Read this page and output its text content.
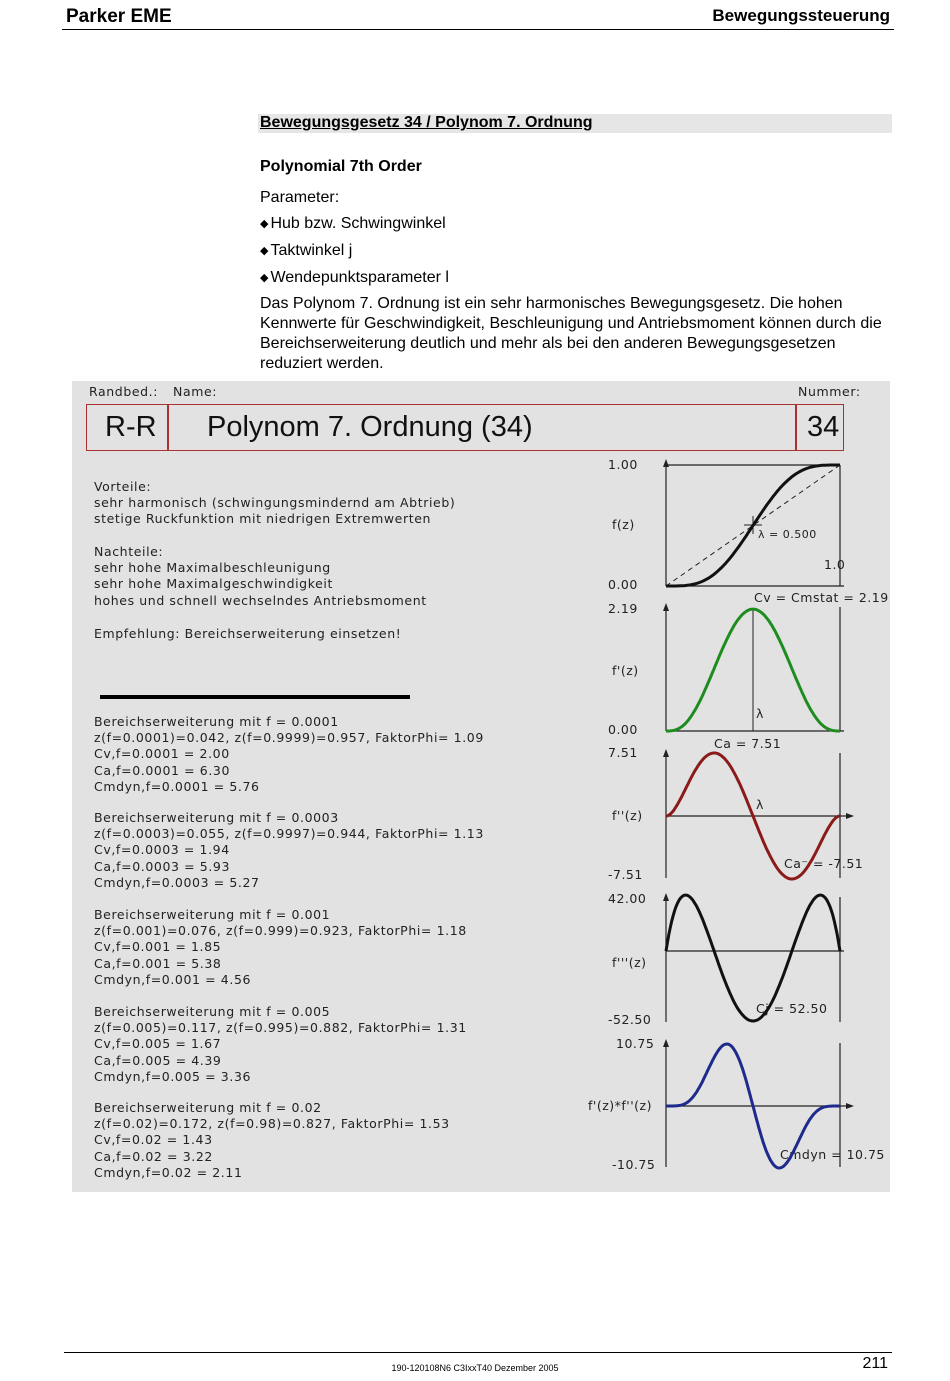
Parker EME	Bewegungssteuerung
Bewegungsgesetz 34 / Polynom 7. Ordnung
Polynomial 7th Order
Parameter:
◆ Hub bzw. Schwingwinkel
◆ Taktwinkel j
◆ Wendepunktsparameter l
Das Polynom 7. Ordnung ist ein sehr harmonisches Bewegungsgesetz. Die hohen Kennwerte für Geschwindigkeit, Beschleunigung und Antriebsmoment können durch die Bereichserweiterung deutlich und mehr als bei den anderen Bewegungsgesetzen reduziert werden.
Randbed.: Name:	Nummer:
R-R Polynom 7. Ordnung (34)	34
Vorteile:
sehr harmonisch (schwingungsmindernd am Abtrieb)
stetige Ruckfunktion mit niedrigen Extremwerten
Nachteile:
sehr hohe Maximalbeschleunigung
sehr hohe Maximalgeschwindigkeit
hohes und schnell wechselndes Antriebsmoment
Empfehlung: Bereichserweiterung einsetzen!
Bereichserweiterung mit f = 0.0001
z(f=0.0001)=0.042, z(f=0.9999)=0.957, FaktorPhi= 1.09
Cv,f=0.0001 = 2.00
Ca,f=0.0001 = 6.30
Cmdyn,f=0.0001 = 5.76
Bereichserweiterung mit f = 0.0003
z(f=0.0003)=0.055, z(f=0.9997)=0.944, FaktorPhi= 1.13
Cv,f=0.0003 = 1.94
Ca,f=0.0003 = 5.93
Cmdyn,f=0.0003 = 5.27
Bereichserweiterung mit f = 0.001
z(f=0.001)=0.076, z(f=0.999)=0.923, FaktorPhi= 1.18
Cv,f=0.001 = 1.85
Ca,f=0.001 = 5.38
Cmdyn,f=0.001 = 4.56
Bereichserweiterung mit f = 0.005
z(f=0.005)=0.117, z(f=0.995)=0.882, FaktorPhi= 1.31
Cv,f=0.005 = 1.67
Ca,f=0.005 = 4.39
Cmdyn,f=0.005 = 3.36
Bereichserweiterung mit f = 0.02
z(f=0.02)=0.172, z(f=0.98)=0.827, FaktorPhi= 1.53
Cv,f=0.02 = 1.43
Ca,f=0.02 = 3.22
Cmdyn,f=0.02 = 2.11
1.00
0.00
f(z)
1.0
λ = 0.500
2.19
0.00
f'(z)
Cv = Cmstat = 2.19
λ
7.51
-7.51
f''(z)
Ca = 7.51
Ca⁻ = -7.51
λ
42.00
-52.50
f'''(z)
Cj = 52.50
10.75
-10.75
f'(z)*f''(z)
Cmdyn = 10.75
190-120108N6 C3IxxT40 Dezember 2005	211
